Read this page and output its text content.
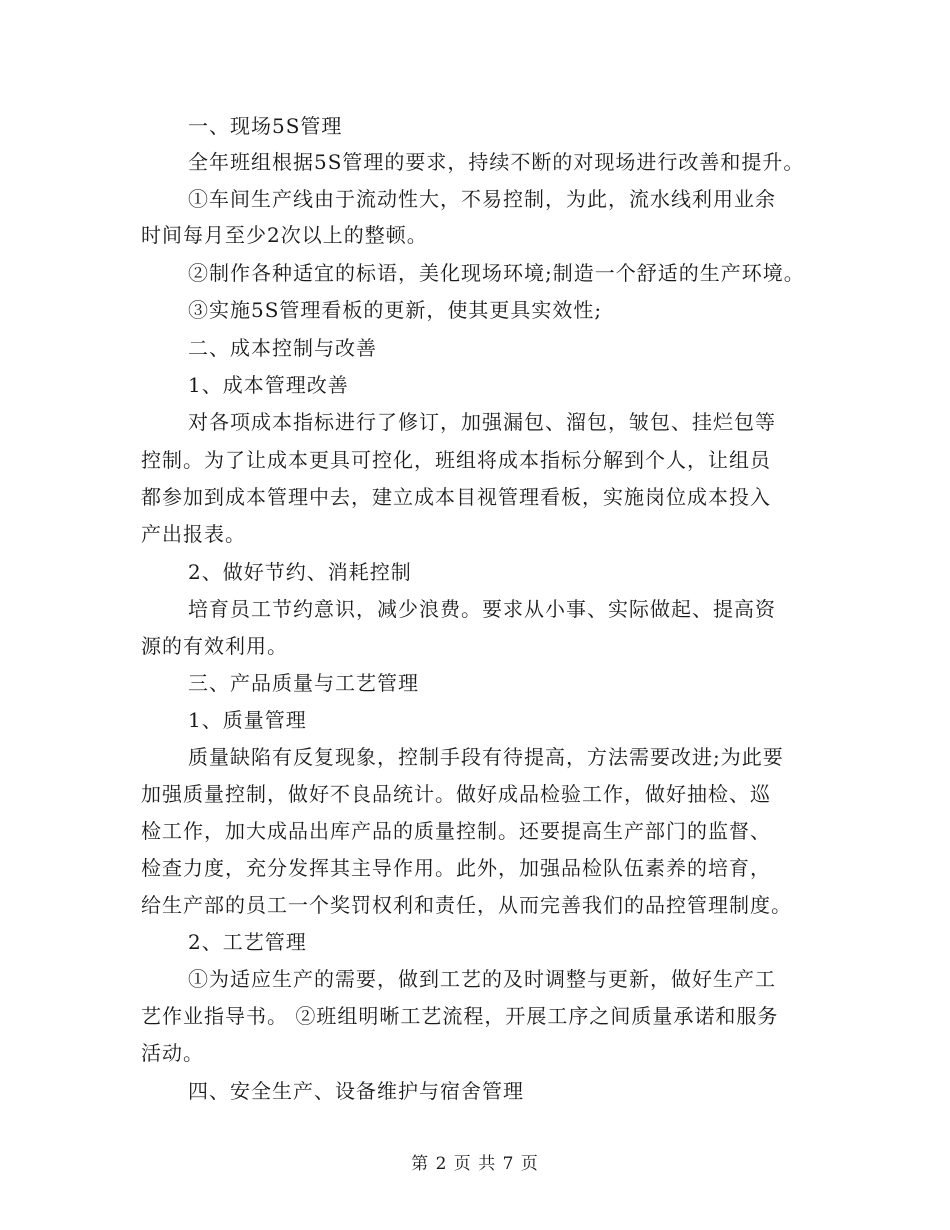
一、现场5S管理
全年班组根据5S管理的要求，持续不断的对现场进行改善和提升。
①车间生产线由于流动性大，不易控制，为此，流水线利用业余
时间每月至少2次以上的整顿。
②制作各种适宜的标语，美化现场环境;制造一个舒适的生产环境。
③实施5S管理看板的更新，使其更具实效性;
二、成本控制与改善
1、成本管理改善
对各项成本指标进行了修订，加强漏包、溜包，皱包、挂烂包等
控制。为了让成本更具可控化，班组将成本指标分解到个人，让组员
都参加到成本管理中去，建立成本目视管理看板，实施岗位成本投入
产出报表。
2、做好节约、消耗控制
培育员工节约意识，减少浪费。要求从小事、实际做起、提高资
源的有效利用。
三、产品质量与工艺管理
1、质量管理
质量缺陷有反复现象，控制手段有待提高，方法需要改进;为此要
加强质量控制，做好不良品统计。做好成品检验工作，做好抽检、巡
检工作，加大成品出库产品的质量控制。还要提高生产部门的监督、
检查力度，充分发挥其主导作用。此外，加强品检队伍素养的培育，
给生产部的员工一个奖罚权利和责任，从而完善我们的品控管理制度。
2、工艺管理
①为适应生产的需要，做到工艺的及时调整与更新，做好生产工
艺作业指导书。 ②班组明晰工艺流程，开展工序之间质量承诺和服务
活动。
四、安全生产、设备维护与宿舍管理
第 2 页 共 7 页
